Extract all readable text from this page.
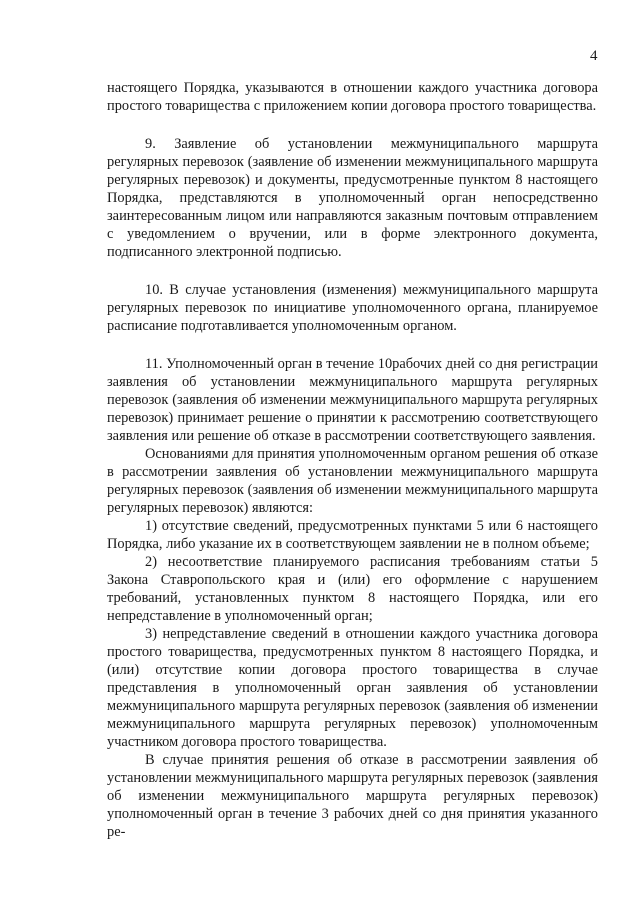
4

настоящего Порядка, указываются в отношении каждого участника договора простого товарищества с приложением копии договора простого товарищества.

9. Заявление об установлении межмуниципального маршрута регулярных перевозок (заявление об изменении межмуниципального маршрута регулярных перевозок) и документы, предусмотренные пунктом 8 настоящего Порядка, представляются в уполномоченный орган непосредственно заинтересованным лицом или направляются заказным почтовым отправлением с уведомлением о вручении, или в форме электронного документа, подписанного электронной подписью.

10. В случае установления (изменения) межмуниципального маршрута регулярных перевозок по инициативе уполномоченного органа, планируемое расписание подготавливается уполномоченным органом.

11. Уполномоченный орган в течение 10рабочих дней со дня регистрации заявления об установлении межмуниципального маршрута регулярных перевозок (заявления об изменении межмуниципального маршрута регулярных перевозок) принимает решение о принятии к рассмотрению соответствующего заявления или решение об отказе в рассмотрении соответствующего заявления.

Основаниями для принятия уполномоченным органом решения об отказе в рассмотрении заявления об установлении межмуниципального маршрута регулярных перевозок (заявления об изменении межмуниципального маршрута регулярных перевозок) являются:

1) отсутствие сведений, предусмотренных пунктами 5 или 6 настоящего Порядка, либо указание их в соответствующем заявлении не в полном объеме;

2) несоответствие планируемого расписания требованиям статьи 5 Закона Ставропольского края и (или) его оформление с нарушением требований, установленных пунктом 8 настоящего Порядка, или его непредставление в уполномоченный орган;

3) непредставление сведений в отношении каждого участника договора простого товарищества, предусмотренных пунктом 8 настоящего Порядка, и (или) отсутствие копии договора простого товарищества в случае представления в уполномоченный орган заявления об установлении межмуниципального маршрута регулярных перевозок (заявления об изменении межмуниципального маршрута регулярных перевозок) уполномоченным участником договора простого товарищества.

В случае принятия решения об отказе в рассмотрении заявления об установлении межмуниципального маршрута регулярных перевозок (заявления об изменении межмуниципального маршрута регулярных перевозок) уполномоченный орган в течение 3 рабочих дней со дня принятия указанного ре-
